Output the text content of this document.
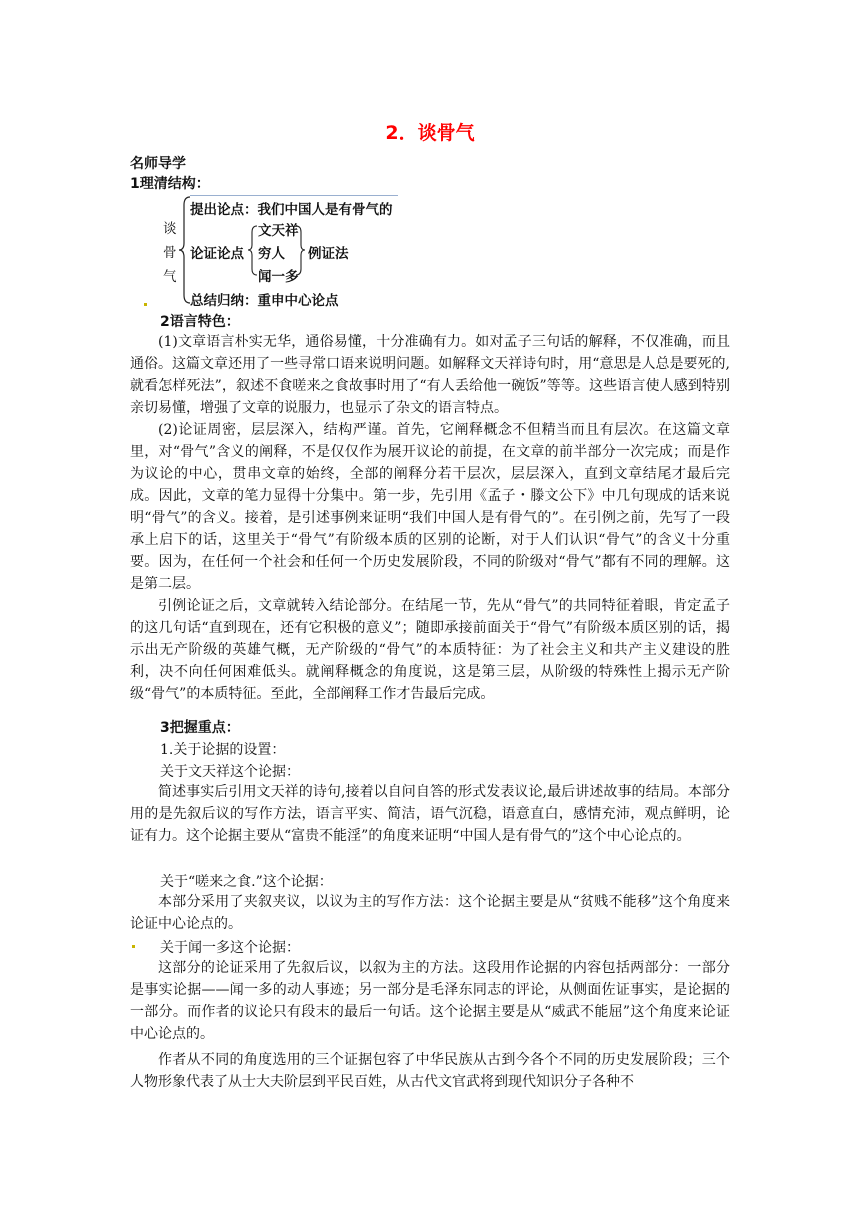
2．谈骨气
名师导学
1理清结构：
谈
骨
气
提出论点：我们中国人是有骨气的
论证论点
文天祥
穷人
闻一多
例证法
总结归纳：重申中心论点
2语言特色：

(1)文章语言朴实无华，通俗易懂，十分准确有力。如对孟子三句话的解释，不仅准确，而且通俗。这篇文章还用了一些寻常口语来说明问题。如解释文天祥诗句时，用“意思是人总是要死的,就看怎样死法”，叙述不食嗟来之食故事时用了“有人丢给他一碗饭”等等。这些语言使人感到特别亲切易懂，增强了文章的说服力，也显示了杂文的语言特点。

(2)论证周密，层层深入，结构严谨。首先，它阐释概念不但精当而且有层次。在这篇文章里，对“骨气”含义的阐释，不是仅仅作为展开议论的前提，在文章的前半部分一次完成；而是作为议论的中心，贯串文章的始终，全部的阐释分若干层次，层层深入，直到文章结尾才最后完成。因此，文章的笔力显得十分集中。第一步，先引用《孟子・滕文公下》中几句现成的话来说明“骨气”的含义。接着，是引述事例来证明“我们中国人是有骨气的”。在引例之前，先写了一段承上启下的话，这里关于“骨气”有阶级本质的区别的论断，对于人们认识“骨气”的含义十分重要。因为，在任何一个社会和任何一个历史发展阶段，不同的阶级对“骨气”都有不同的理解。这是第二层。

引例论证之后，文章就转入结论部分。在结尾一节，先从“骨气”的共同特征着眼，肯定孟子的这几句话“直到现在，还有它积极的意义”；随即承接前面关于“骨气”有阶级本质区别的话，揭示出无产阶级的英雄气概，无产阶级的“骨气”的本质特征：为了社会主义和共产主义建设的胜利，决不向任何困难低头。就阐释概念的角度说，这是第三层，从阶级的特殊性上揭示无产阶级“骨气”的本质特征。至此，全部阐释工作才告最后完成。

3把握重点：
1.关于论据的设置：
关于文天祥这个论据：

简述事实后引用文天祥的诗句,接着以自问自答的形式发表议论,最后讲述故事的结局。本部分用的是先叙后议的写作方法，语言平实、简洁，语气沉稳，语意直白，感情充沛，观点鲜明，论证有力。这个论据主要从“富贵不能淫”的角度来证明“中国人是有骨气的”这个中心论点的。

关于“嗟来之食.”这个论据：

本部分采用了夹叙夹议，以议为主的写作方法：这个论据主要是从“贫贱不能移”这个角度来论证中心论点的。

关于闻一多这个论据：

这部分的论证采用了先叙后议，以叙为主的方法。这段用作论据的内容包括两部分：一部分是事实论据——闻一多的动人事迹；另一部分是毛泽东同志的评论，从侧面佐证事实，是论据的一部分。而作者的议论只有段末的最后一句话。这个论据主要是从“威武不能屈”这个角度来论证中心论点的。

作者从不同的角度选用的三个证据包容了中华民族从古到今各个不同的历史发展阶段；三个人物形象代表了从士大夫阶层到平民百姓，从古代文官武将到现代知识分子各种不
